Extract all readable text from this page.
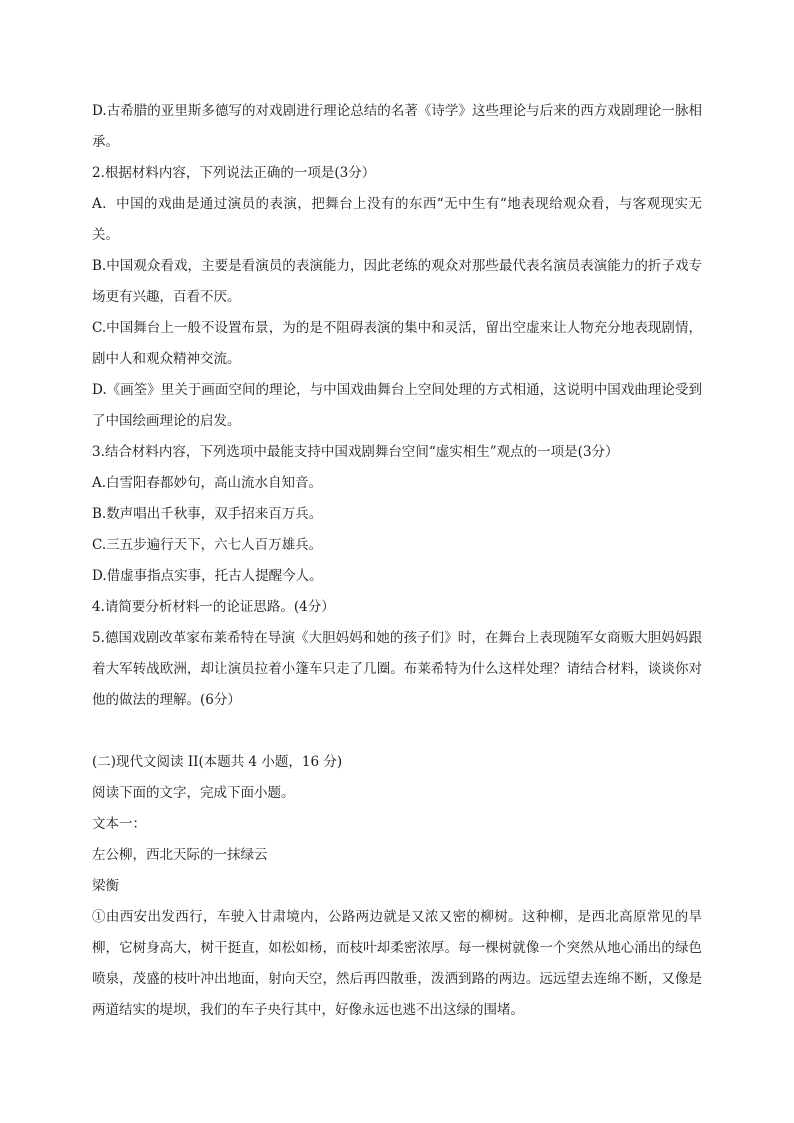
D.古希腊的亚里斯多德写的对戏剧进行理论总结的名著《诗学》这些理论与后来的西方戏剧理论一脉相承。

2.根据材料内容，下列说法正确的一项是(3分）

A．中国的戏曲是通过演员的表演，把舞台上没有的东西“无中生有“地表现给观众看，与客观现实无关。

B.中国观众看戏，主要是看演员的表演能力，因此老练的观众对那些最代表名演员表演能力的折子戏专场更有兴趣，百看不厌。

C.中国舞台上一般不设置布景，为的是不阻碍表演的集中和灵活，留出空虚来让人物充分地表现剧情，剧中人和观众精神交流。

D.《画筌》里关于画面空间的理论，与中国戏曲舞台上空间处理的方式相通，这说明中国戏曲理论受到了中国绘画理论的启发。

3.结合材料内容，下列选项中最能支持中国戏剧舞台空间“虚实相生”观点的一项是(3分）

A.白雪阳春都妙句，高山流水自知音。

B.数声唱出千秋事，双手招来百万兵。

C.三五步遍行天下，六七人百万雄兵。

D.借虚事指点实事，托古人提醒今人。

4.请简要分析材料一的论证思路。(4分）

5.德国戏剧改革家布莱希特在导演《大胆妈妈和她的孩子们》时，在舞台上表现随军女商贩大胆妈妈跟着大军转战欧洲，却让演员拉着小篷车只走了几圈。布莱希特为什么这样处理？请结合材料，谈谈你对他的做法的理解。(6分）

(二)现代文阅读 II(本题共 4 小题，16 分)

阅读下面的文字，完成下面小题。

文本一：

左公柳，西北天际的一抹绿云

梁衡

①由西安出发西行，车驶入甘肃境内，公路两边就是又浓又密的柳树。这种柳，是西北高原常见的旱柳，它树身高大，树干挺直，如松如杨，而枝叶却柔密浓厚。每一棵树就像一个突然从地心涌出的绿色喷泉，茂盛的枝叶冲出地面，射向天空，然后再四散垂，泼洒到路的两边。远远望去连绵不断，又像是两道结实的堤坝，我们的车子央行其中，好像永远也逃不出这绿的围堵。
